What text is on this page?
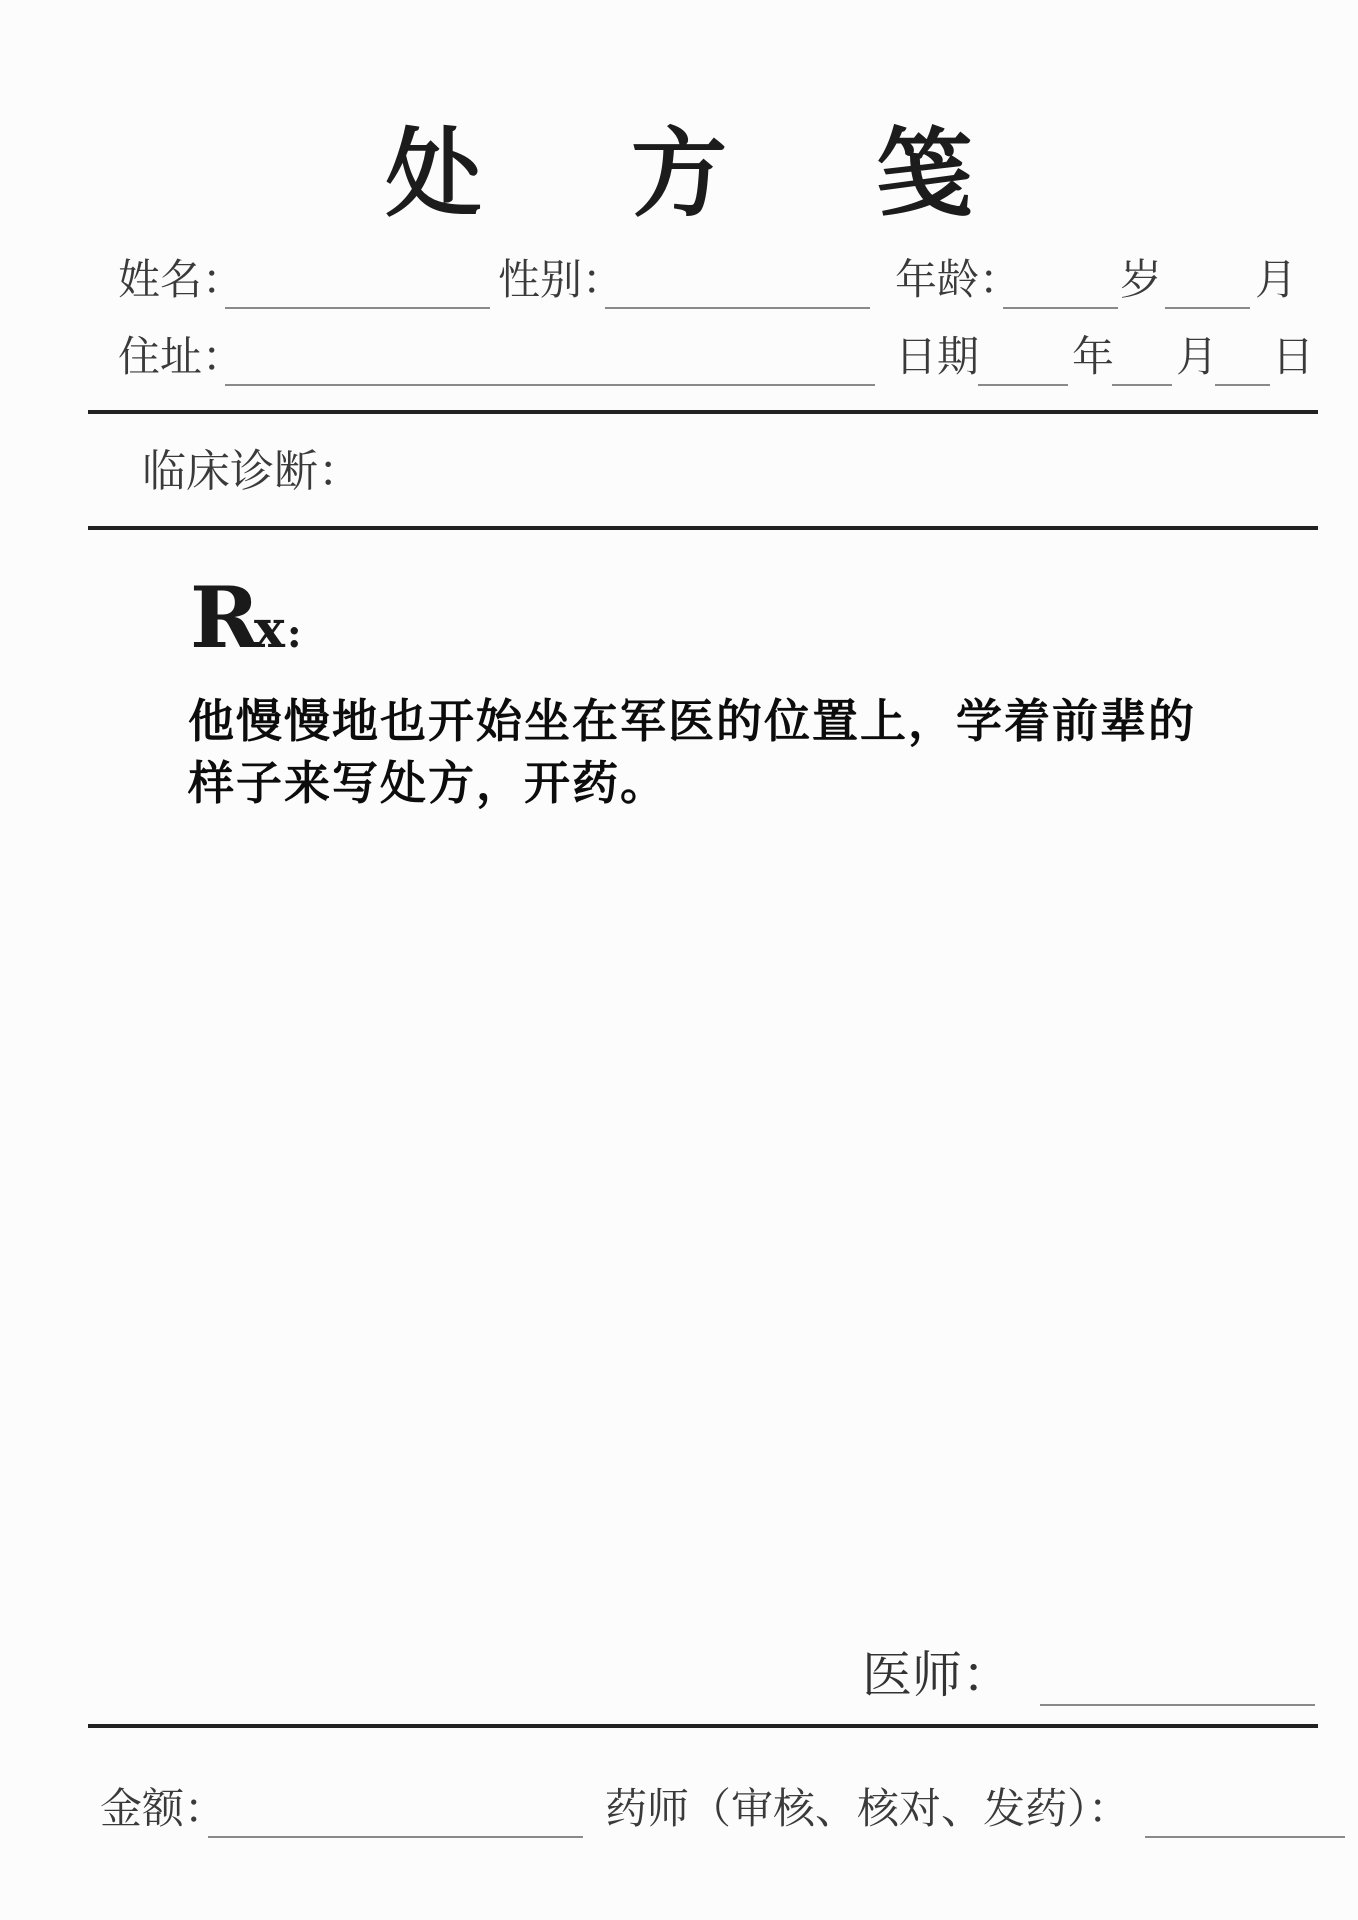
处 方 笺
姓名：	性别：	年龄： 岁 月
住址：	日期 年 月 日
临床诊断：
Rx :
他慢慢地也开始坐在军医的位置上，学着前辈的样子来写处方，开药。
医师：
金额：	药师（审核、核对、发药）：
